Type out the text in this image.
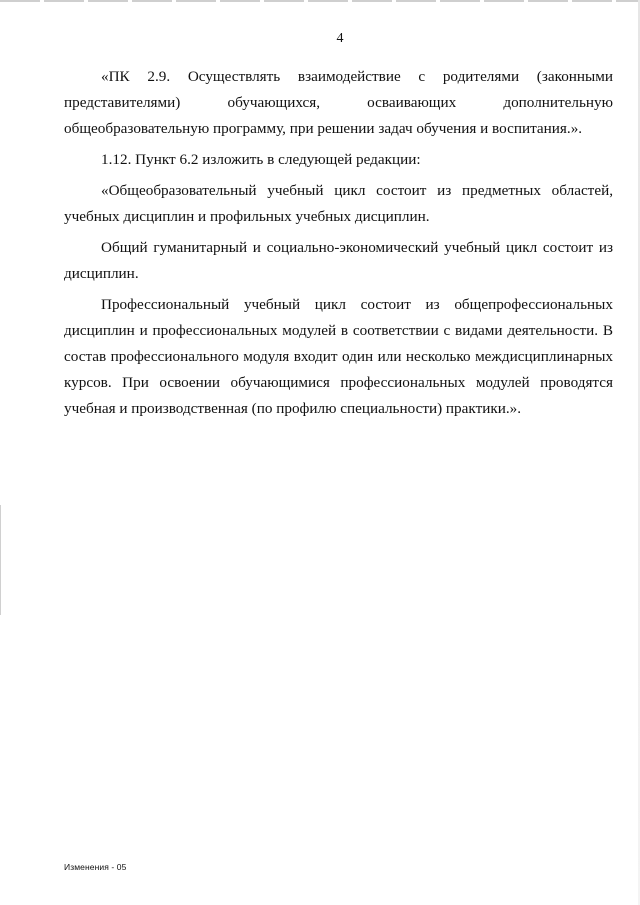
4

«ПК 2.9. Осуществлять взаимодействие с родителями (законными представителями) обучающихся, осваивающих дополнительную общеобразовательную программу, при решении задач обучения и воспитания.».

1.12. Пункт 6.2 изложить в следующей редакции:

«Общеобразовательный учебный цикл состоит из предметных областей, учебных дисциплин и профильных учебных дисциплин.

Общий гуманитарный и социально-экономический учебный цикл состоит из дисциплин.

Профессиональный учебный цикл состоит из общепрофессиональных дисциплин и профессиональных модулей в соответствии с видами деятельности. В состав профессионального модуля входит один или несколько междисциплинарных курсов. При освоении обучающимися профессиональных модулей проводятся учебная и производственная (по профилю специальности) практики.».

Изменения - 05
